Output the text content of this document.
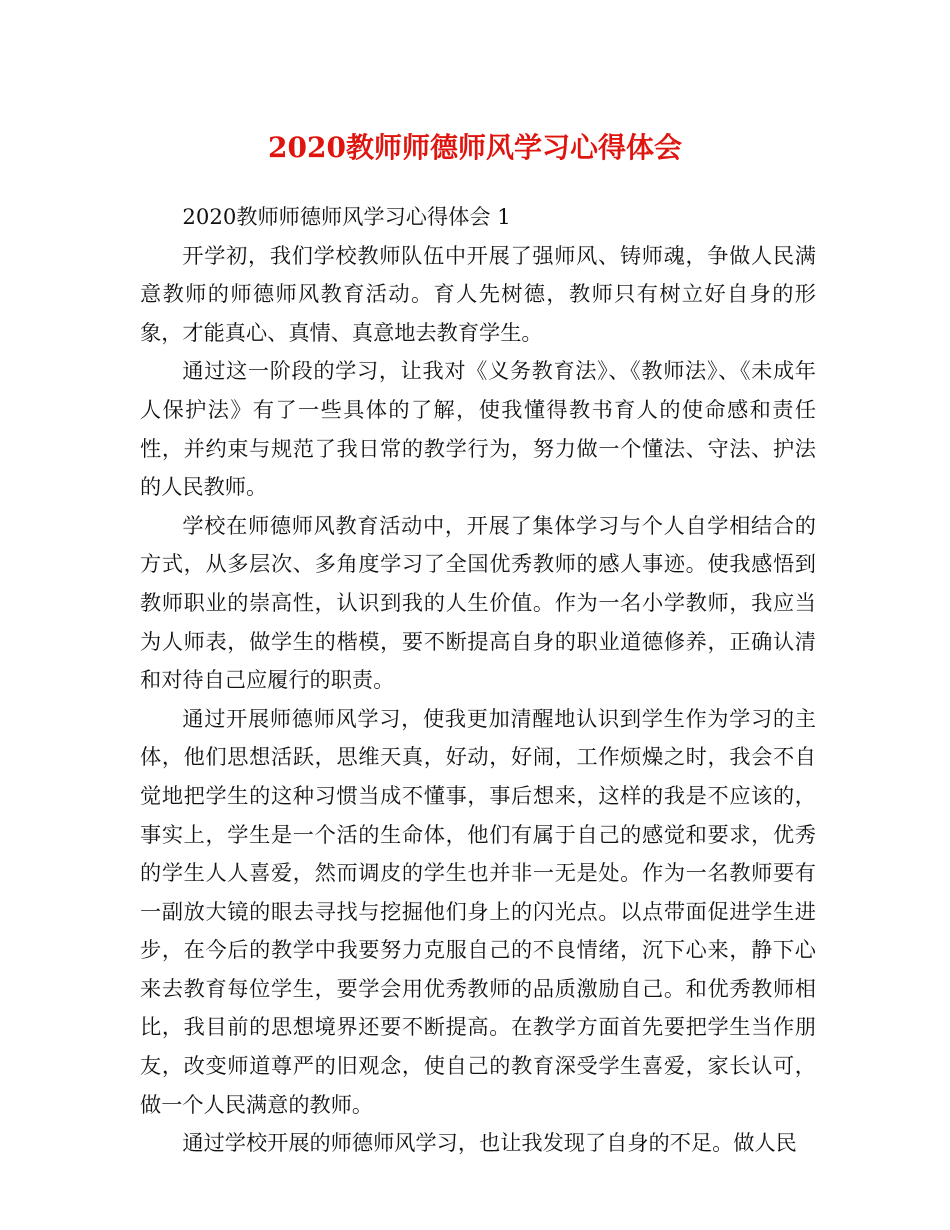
2020教师师德师风学习心得体会

2020教师师德师风学习心得体会 1

开学初，我们学校教师队伍中开展了强师风、铸师魂，争做人民满意教师的师德师风教育活动。育人先树德，教师只有树立好自身的形象，才能真心、真情、真意地去教育学生。

通过这一阶段的学习，让我对《义务教育法》、《教师法》、《未成年人保护法》有了一些具体的了解，使我懂得教书育人的使命感和责任性，并约束与规范了我日常的教学行为，努力做一个懂法、守法、护法的人民教师。

学校在师德师风教育活动中，开展了集体学习与个人自学相结合的方式，从多层次、多角度学习了全国优秀教师的感人事迹。使我感悟到教师职业的崇高性，认识到我的人生价值。作为一名小学教师，我应当为人师表，做学生的楷模，要不断提高自身的职业道德修养，正确认清和对待自己应履行的职责。

通过开展师德师风学习，使我更加清醒地认识到学生作为学习的主体，他们思想活跃，思维天真，好动，好闹，工作烦燥之时，我会不自觉地把学生的这种习惯当成不懂事，事后想来，这样的我是不应该的，事实上，学生是一个活的生命体，他们有属于自己的感觉和要求，优秀的学生人人喜爱，然而调皮的学生也并非一无是处。作为一名教师要有一副放大镜的眼去寻找与挖掘他们身上的闪光点。以点带面促进学生进步，在今后的教学中我要努力克服自己的不良情绪，沉下心来，静下心来去教育每位学生，要学会用优秀教师的品质激励自己。和优秀教师相比，我目前的思想境界还要不断提高。在教学方面首先要把学生当作朋友，改变师道尊严的旧观念，使自己的教育深受学生喜爱，家长认可，做一个人民满意的教师。

通过学校开展的师德师风学习，也让我发现了自身的不足。做人民
